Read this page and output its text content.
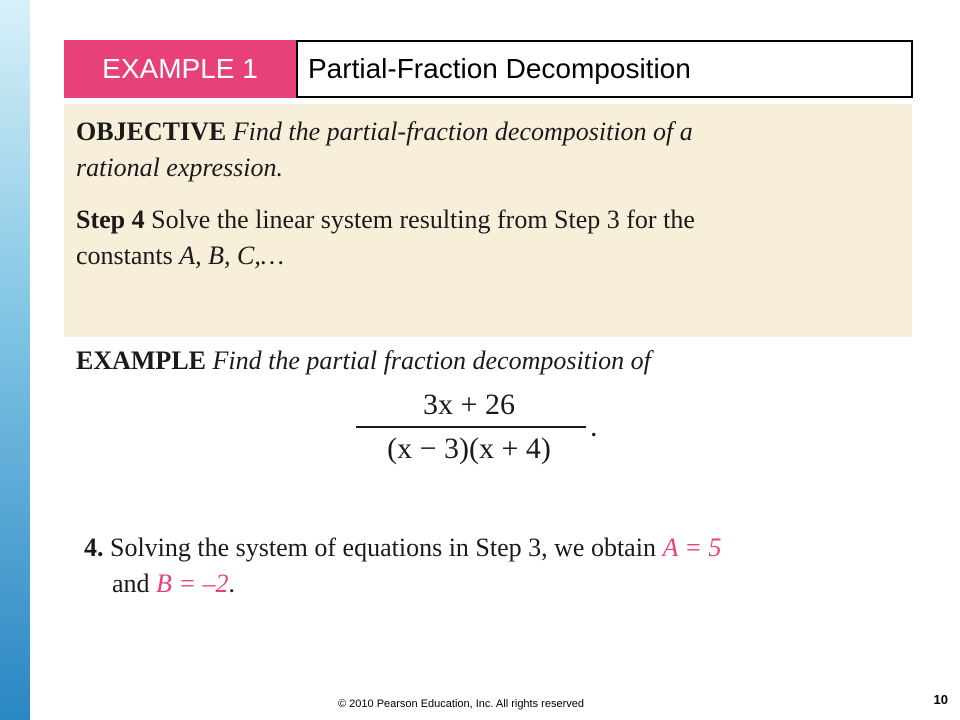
EXAMPLE 1 Partial-Fraction Decomposition

OBJECTIVE Find the partial-fraction decomposition of a
rational expression.

Step 4 Solve the linear system resulting from Step 3 for the
constants A, B, C,…

EXAMPLE Find the partial fraction decomposition of
3x + 26
(x − 3)(x + 4)
.
4. Solving the system of equations in Step 3, we obtain A = 5
and B = –2.
© 2010 Pearson Education, Inc. All rights reserved	10
